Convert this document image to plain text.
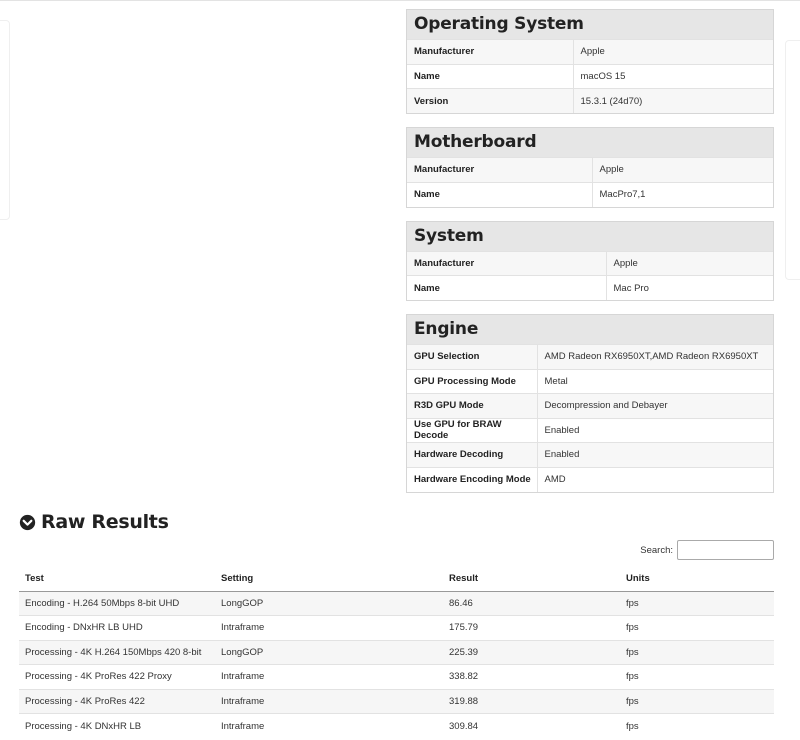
Operating System
Manufacturer	Apple
Name	macOS 15
Version	15.3.1 (24d70)
Motherboard
Manufacturer	Apple
Name	MacPro7,1
System
Manufacturer	Apple
Name	Mac Pro
Engine
GPU Selection	AMD Radeon RX6950XT,AMD Radeon RX6950XT
GPU Processing Mode	Metal
R3D GPU Mode	Decompression and Debayer
Use GPU for BRAW Decode	Enabled
Hardware Decoding	Enabled
Hardware Encoding Mode	AMD
Raw Results
Search:
Test	Setting	Result	Units
Encoding - H.264 50Mbps 8-bit UHD	LongGOP	86.46	fps
Encoding - DNxHR LB UHD	Intraframe	175.79	fps
Processing - 4K H.264 150Mbps 420 8-bit	LongGOP	225.39	fps
Processing - 4K ProRes 422 Proxy	Intraframe	338.82	fps
Processing - 4K ProRes 422	Intraframe	319.88	fps
Processing - 4K DNxHR LB	Intraframe	309.84	fps
